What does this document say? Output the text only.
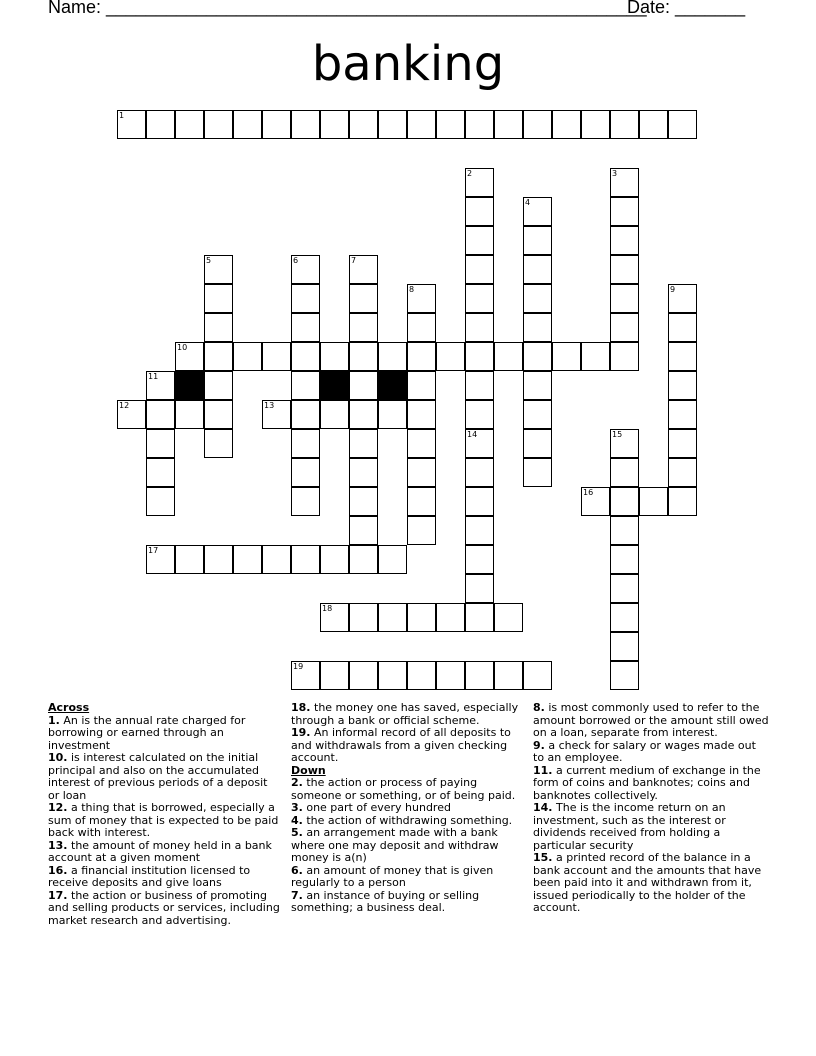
Name: ______________________________________________________
Date: _______
banking
1
2	3
4
5	6	7
8	9
10
11
12	13
14	15
16
17
18
19
Across
1. An is the annual rate charged for borrowing or earned through an investment
10. is interest calculated on the initial principal and also on the accumulated interest of previous periods of a deposit or loan
12. a thing that is borrowed, especially a sum of money that is expected to be paid back with interest.
13. the amount of money held in a bank account at a given moment
16. a financial institution licensed to receive deposits and give loans
17. the action or business of promoting and selling products or services, including market research and advertising.
18. the money one has saved, especially through a bank or official scheme.
19. An informal record of all deposits to and withdrawals from a given checking account.
Down
2. the action or process of paying someone or something, or of being paid.
3. one part of every hundred
4. the action of withdrawing something.
5. an arrangement made with a bank where one may deposit and withdraw money is a(n)
6. an amount of money that is given regularly to a person
7. an instance of buying or selling something; a business deal.
8. is most commonly used to refer to the amount borrowed or the amount still owed on a loan, separate from interest.
9. a check for salary or wages made out to an employee.
11. a current medium of exchange in the form of coins and banknotes; coins and banknotes collectively.
14. The is the income return on an investment, such as the interest or dividends received from holding a particular security
15. a printed record of the balance in a bank account and the amounts that have been paid into it and withdrawn from it, issued periodically to the holder of the account.
